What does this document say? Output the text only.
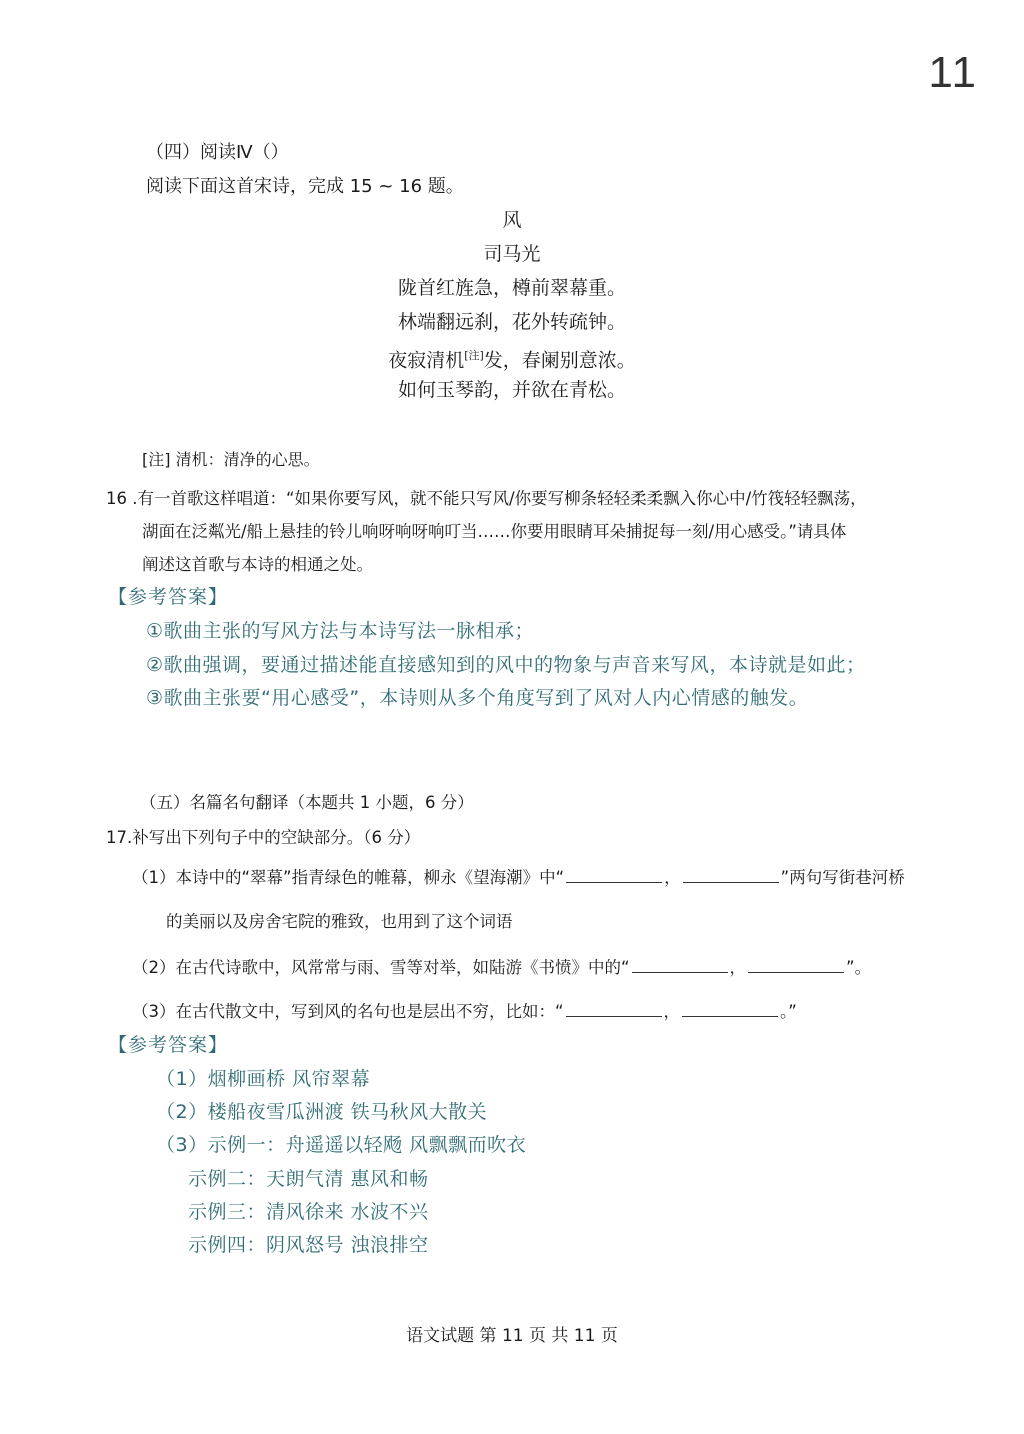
11
（四）阅读Ⅳ（）
阅读下面这首宋诗，完成 15 ~ 16 题。
风
司马光
陇首红旌急，樽前翠幕重。
林端翻远刹，花外转疏钟。
夜寂清机[注]发，春阑别意浓。
如何玉琴韵，并欲在青松。
[注] 清机：清净的心思。
16 .有一首歌这样唱道：“如果你要写风，就不能只写风/你要写柳条轻轻柔柔飘入你心中/竹筏轻轻飘荡，
湖面在泛粼光/船上悬挂的铃儿响呀响呀响叮当……你要用眼睛耳朵捕捉每一刻/用心感受。”请具体
阐述这首歌与本诗的相通之处。
【参考答案】
①歌曲主张的写风方法与本诗写法一脉相承；
②歌曲强调，要通过描述能直接感知到的风中的物象与声音来写风，本诗就是如此；
③歌曲主张要“用心感受”，本诗则从多个角度写到了风对人内心情感的触发。
（五）名篇名句翻译（本题共 1 小题，6 分）
17.补写出下列句子中的空缺部分。（6 分）
（1）本诗中的“翠幕”指青绿色的帷幕，柳永《望海潮》中“	，	”两句写街巷河桥
的美丽以及房舍宅院的雅致，也用到了这个词语
（2）在古代诗歌中，风常常与雨、雪等对举，如陆游《书愤》中的“	，	”。
（3）在古代散文中，写到风的名句也是层出不穷，比如：“	，	。”
【参考答案】
（1）烟柳画桥 风帘翠幕
（2）楼船夜雪瓜洲渡 铁马秋风大散关
（3）示例一：舟遥遥以轻飏 风飘飘而吹衣
示例二：天朗气清 惠风和畅
示例三：清风徐来 水波不兴
示例四：阴风怒号 浊浪排空
语文试题 第 11 页 共 11 页
